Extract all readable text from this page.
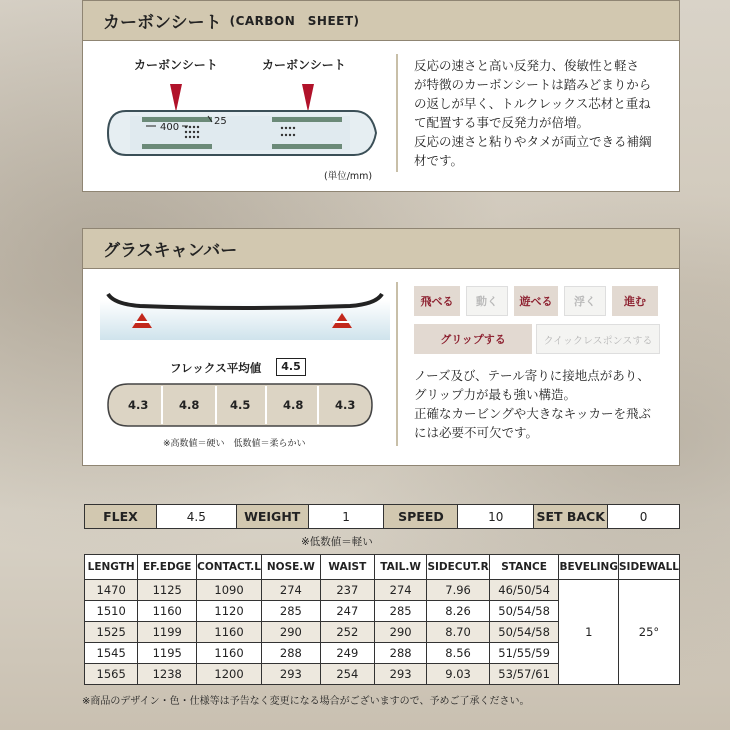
カーボンシート (CARBON　SHEET)
カーボンシート	カーボンシート
400
25
(単位/mm)
反応の速さと高い反発力、俊敏性と軽さ
が特徴のカーボンシートは踏みどまりから
の返しが早く、トルクレックス芯材と重ね
て配置する事で反発力が倍増。
反応の速さと粘りやタメが両立できる補綱
材です。
グラスキャンバー
フレックス平均値	4.5
4.3	4.8	4.5	4.8	4.3
※高数値＝硬い　低数値＝柔らかい
飛べる	動く	遊べる	浮く	進む
グリップする	クイックレスポンスする
ノーズ及び、テール寄りに接地点があり、
グリップ力が最も強い構造。
正確なカービングや大きなキッカーを飛ぶ
には必要不可欠です。
FLEX	4.5	WEIGHT	1	SPEED	10	SET BACK	0
※低数値＝軽い
LENGTH	EF.EDGE	CONTACT.L	NOSE.W	WAIST	TAIL.W	SIDECUT.R	STANCE	BEVELING	SIDEWALL
1470	1125	1090	274	237	274	7.96	46/50/54	1	25°
1510	1160	1120	285	247	285	8.26	50/54/58		
1525	1199	1160	290	252	290	8.70	50/54/58		
1545	1195	1160	288	249	288	8.56	51/55/59		
1565	1238	1200	293	254	293	9.03	53/57/61		
※商品のデザイン・色・仕様等は予告なく変更になる場合がございますので、予めご了承ください。
